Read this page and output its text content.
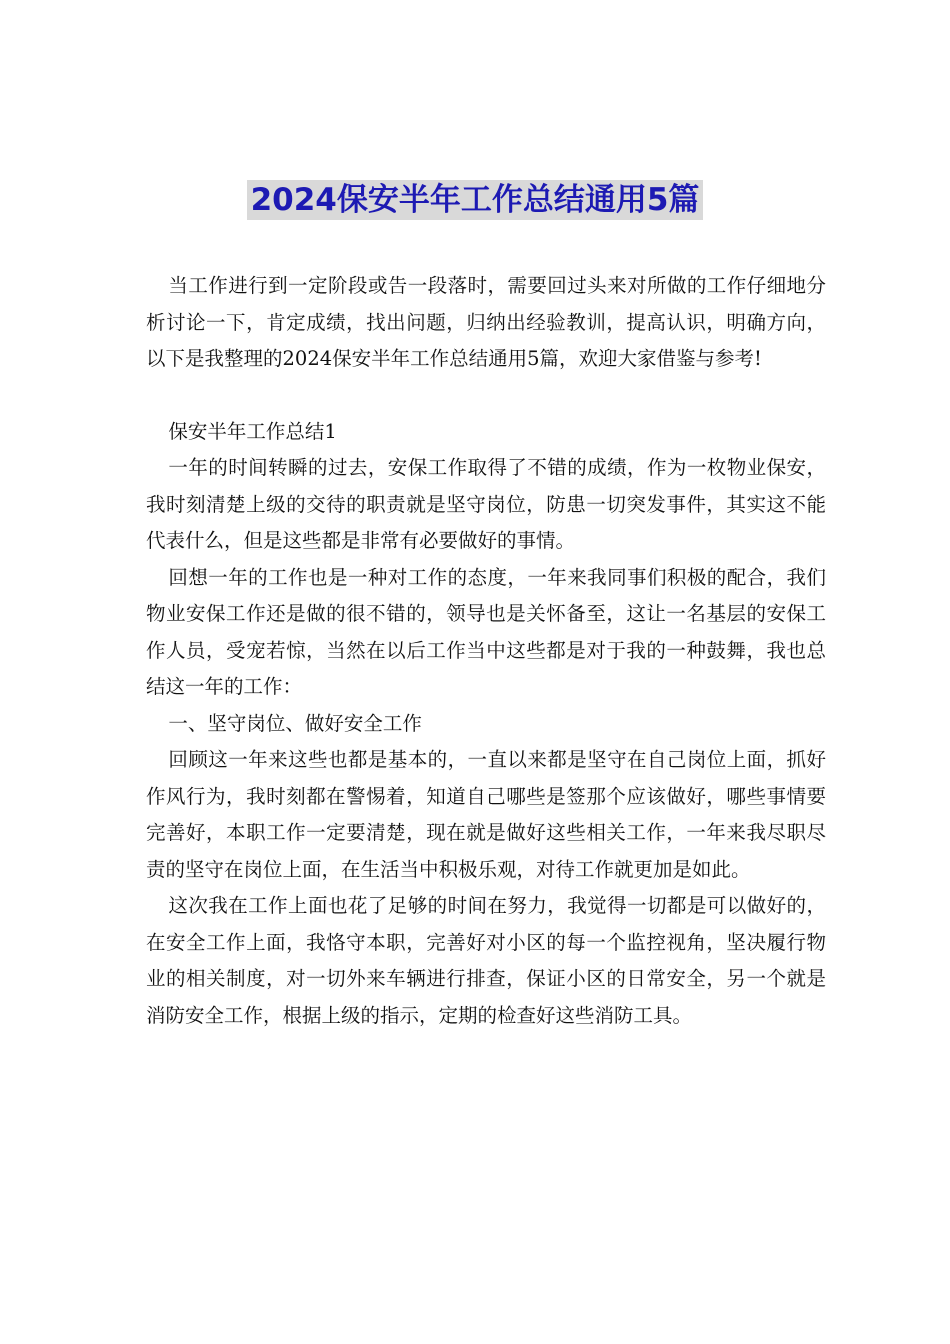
2024保安半年工作总结通用5篇

当工作进行到一定阶段或告一段落时，需要回过头来对所做的工作仔细地分析讨论一下，肯定成绩，找出问题，归纳出经验教训，提高认识，明确方向，以下是我整理的2024保安半年工作总结通用5篇，欢迎大家借鉴与参考!

保安半年工作总结1

一年的时间转瞬的过去，安保工作取得了不错的成绩，作为一枚物业保安，我时刻清楚上级的交待的职责就是坚守岗位，防患一切突发事件，其实这不能代表什么，但是这些都是非常有必要做好的事情。

回想一年的工作也是一种对工作的态度，一年来我同事们积极的配合，我们物业安保工作还是做的很不错的，领导也是关怀备至，这让一名基层的安保工作人员，受宠若惊，当然在以后工作当中这些都是对于我的一种鼓舞，我也总结这一年的工作：

一、坚守岗位、做好安全工作

回顾这一年来这些也都是基本的，一直以来都是坚守在自己岗位上面，抓好作风行为，我时刻都在警惕着，知道自己哪些是签那个应该做好，哪些事情要完善好，本职工作一定要清楚，现在就是做好这些相关工作，一年来我尽职尽责的坚守在岗位上面，在生活当中积极乐观，对待工作就更加是如此。

这次我在工作上面也花了足够的时间在努力，我觉得一切都是可以做好的，在安全工作上面，我恪守本职，完善好对小区的每一个监控视角，坚决履行物业的相关制度，对一切外来车辆进行排查，保证小区的日常安全，另一个就是消防安全工作，根据上级的指示，定期的检查好这些消防工具。
